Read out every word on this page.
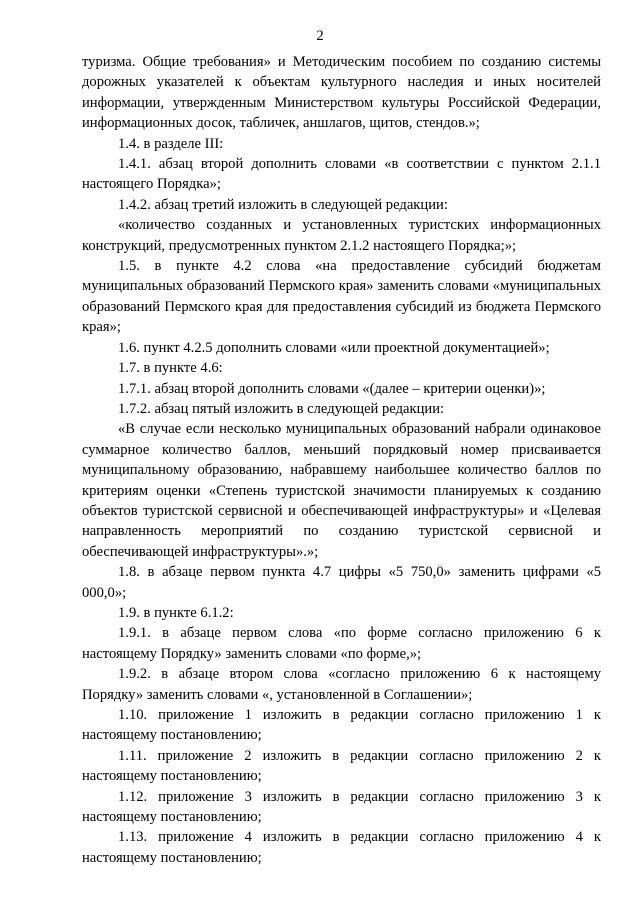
2

туризма. Общие требования» и Методическим пособием по созданию системы дорожных указателей к объектам культурного наследия и иных носителей информации, утвержденным Министерством культуры Российской Федерации, информационных досок, табличек, аншлагов, щитов, стендов.»;

1.4. в разделе III:

1.4.1. абзац второй дополнить словами «в соответствии с пунктом 2.1.1 настоящего Порядка»;

1.4.2. абзац третий изложить в следующей редакции:

«количество созданных и установленных туристских информационных конструкций, предусмотренных пунктом 2.1.2 настоящего Порядка;»;

1.5. в пункте 4.2 слова «на предоставление субсидий бюджетам муниципальных образований Пермского края» заменить словами «муниципальных образований Пермского края для предоставления субсидий из бюджета Пермского края»;

1.6. пункт 4.2.5 дополнить словами «или проектной документацией»;

1.7. в пункте 4.6:

1.7.1. абзац второй дополнить словами «(далее – критерии оценки)»;

1.7.2. абзац пятый изложить в следующей редакции:

«В случае если несколько муниципальных образований набрали одинаковое суммарное количество баллов, меньший порядковый номер присваивается муниципальному образованию, набравшему наибольшее количество баллов по критериям оценки «Степень туристской значимости планируемых к созданию объектов туристской сервисной и обеспечивающей инфраструктуры» и «Целевая направленность мероприятий по созданию туристской сервисной и обеспечивающей инфраструктуры».»;

1.8. в абзаце первом пункта 4.7 цифры «5 750,0» заменить цифрами «5 000,0»;

1.9. в пункте 6.1.2:

1.9.1. в абзаце первом слова «по форме согласно приложению 6 к настоящему Порядку» заменить словами «по форме,»;

1.9.2. в абзаце втором слова «согласно приложению 6 к настоящему Порядку» заменить словами «, установленной в Соглашении»;

1.10. приложение 1 изложить в редакции согласно приложению 1 к настоящему постановлению;

1.11. приложение 2 изложить в редакции согласно приложению 2 к настоящему постановлению;

1.12. приложение 3 изложить в редакции согласно приложению 3 к настоящему постановлению;

1.13. приложение 4 изложить в редакции согласно приложению 4 к настоящему постановлению;
